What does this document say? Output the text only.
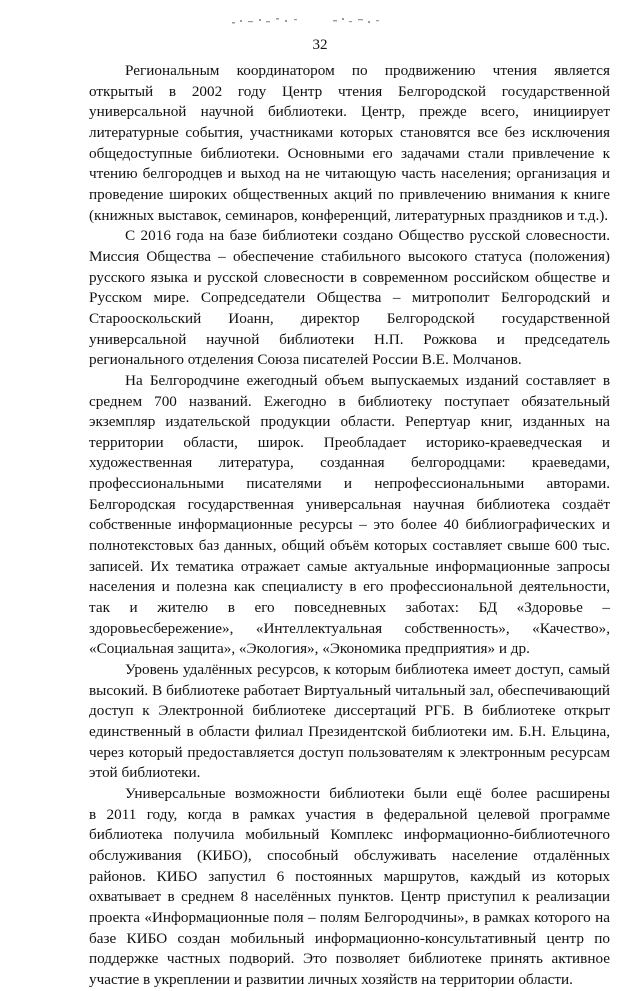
32
Региональным координатором по продвижению чтения является
открытый в 2002 году Центр чтения Белгородской государственной
универсальной научной библиотеки. Центр, прежде всего, инициирует
литературные события, участниками которых становятся все без исключения
общедоступные библиотеки. Основными его задачами стали привлечение к
чтению белгородцев и выход на не читающую часть населения; организация и
проведение широких общественных акций по привлечению внимания к книге
(книжных выставок, семинаров, конференций, литературных праздников и т.д.).
С 2016 года на базе библиотеки создано Общество русской словесности.
Миссия Общества – обеспечение стабильного высокого статуса (положения)
русского языка и русской словесности в современном российском обществе и
Русском мире. Сопредседатели Общества – митрополит Белгородский и
Старооскольский Иоанн, директор Белгородской государственной
универсальной научной библиотеки Н.П. Рожкова и председатель
регионального отделения Союза писателей России В.Е. Молчанов.
На Белгородчине ежегодный объем выпускаемых изданий составляет в
среднем 700 названий. Ежегодно в библиотеку поступает обязательный
экземпляр издательской продукции области. Репертуар книг, изданных на
территории области, широк. Преобладает историко-краеведческая и
художественная литература, созданная белгородцами: краеведами,
профессиональными писателями и непрофессиональными авторами.
Белгородская государственная универсальная научная библиотека создаёт
собственные информационные ресурсы – это более 40 библиографических и
полнотекстовых баз данных, общий объём которых составляет свыше 600 тыс.
записей. Их тематика отражает самые актуальные информационные запросы
населения и полезна как специалисту в его профессиональной деятельности,
так и жителю в его повседневных заботах: БД «Здоровье –
здоровьесбережение», «Интеллектуальная собственность», «Качество»,
«Социальная защита», «Экология», «Экономика предприятия» и др.
Уровень удалённых ресурсов, к которым библиотека имеет доступ, самый
высокий. В библиотеке работает Виртуальный читальный зал, обеспечивающий
доступ к Электронной библиотеке диссертаций РГБ. В библиотеке открыт
единственный в области филиал Президентской библиотеки им. Б.Н. Ельцина,
через который предоставляется доступ пользователям к электронным ресурсам
этой библиотеки.
Универсальные возможности библиотеки были ещё более расширены
в 2011 году, когда в рамках участия в федеральной целевой программе
библиотека получила мобильный Комплекс информационно-библиотечного
обслуживания (КИБО), способный обслуживать население отдалённых
районов. КИБО запустил 6 постоянных маршрутов, каждый из которых
охватывает в среднем 8 населённых пунктов. Центр приступил к реализации
проекта «Информационные поля – полям Белгородчины», в рамках которого на
базе КИБО создан мобильный информационно-консультативный центр по
поддержке частных подворий. Это позволяет библиотеке принять активное
участие в укреплении и развитии личных хозяйств на территории области.
